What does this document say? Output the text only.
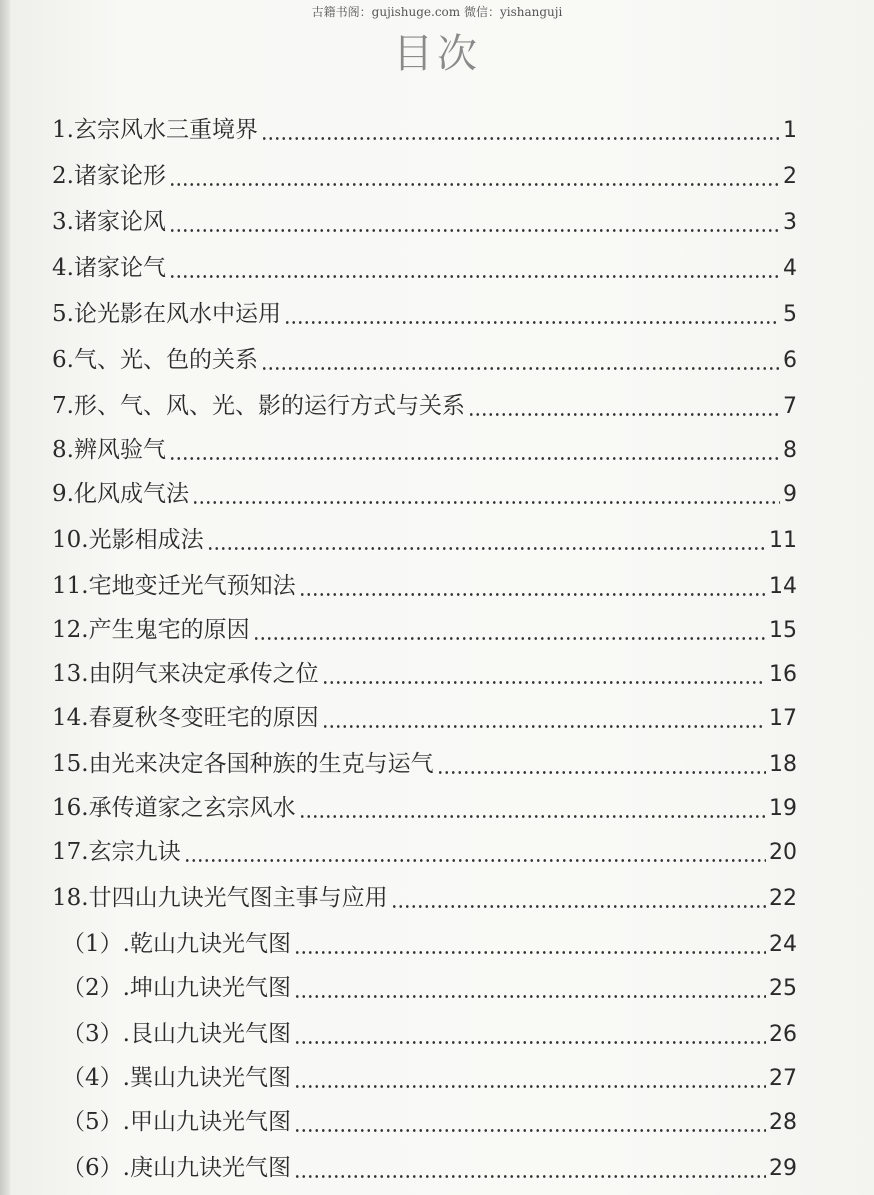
古籍书阁：gujishuge.com 微信：yishanguji
目次
1.玄宗风水三重境界	1
2.诸家论形	2
3.诸家论风	3
4.诸家论气	4
5.论光影在风水中运用	5
6.气、光、色的关系	6
7.形、气、风、光、影的运行方式与关系	7
8.辨风验气	8
9.化风成气法	9
10.光影相成法	11
11.宅地变迁光气预知法	14
12.产生鬼宅的原因	15
13.由阴气来决定承传之位	16
14.春夏秋冬变旺宅的原因	17
15.由光来决定各国种族的生克与运气	18
16.承传道家之玄宗风水	19
17.玄宗九诀	20
18.廿四山九诀光气图主事与应用	22
（1）.乾山九诀光气图	24
（2）.坤山九诀光气图	25
（3）.艮山九诀光气图	26
（4）.巽山九诀光气图	27
（5）.甲山九诀光气图	28
（6）.庚山九诀光气图	29
